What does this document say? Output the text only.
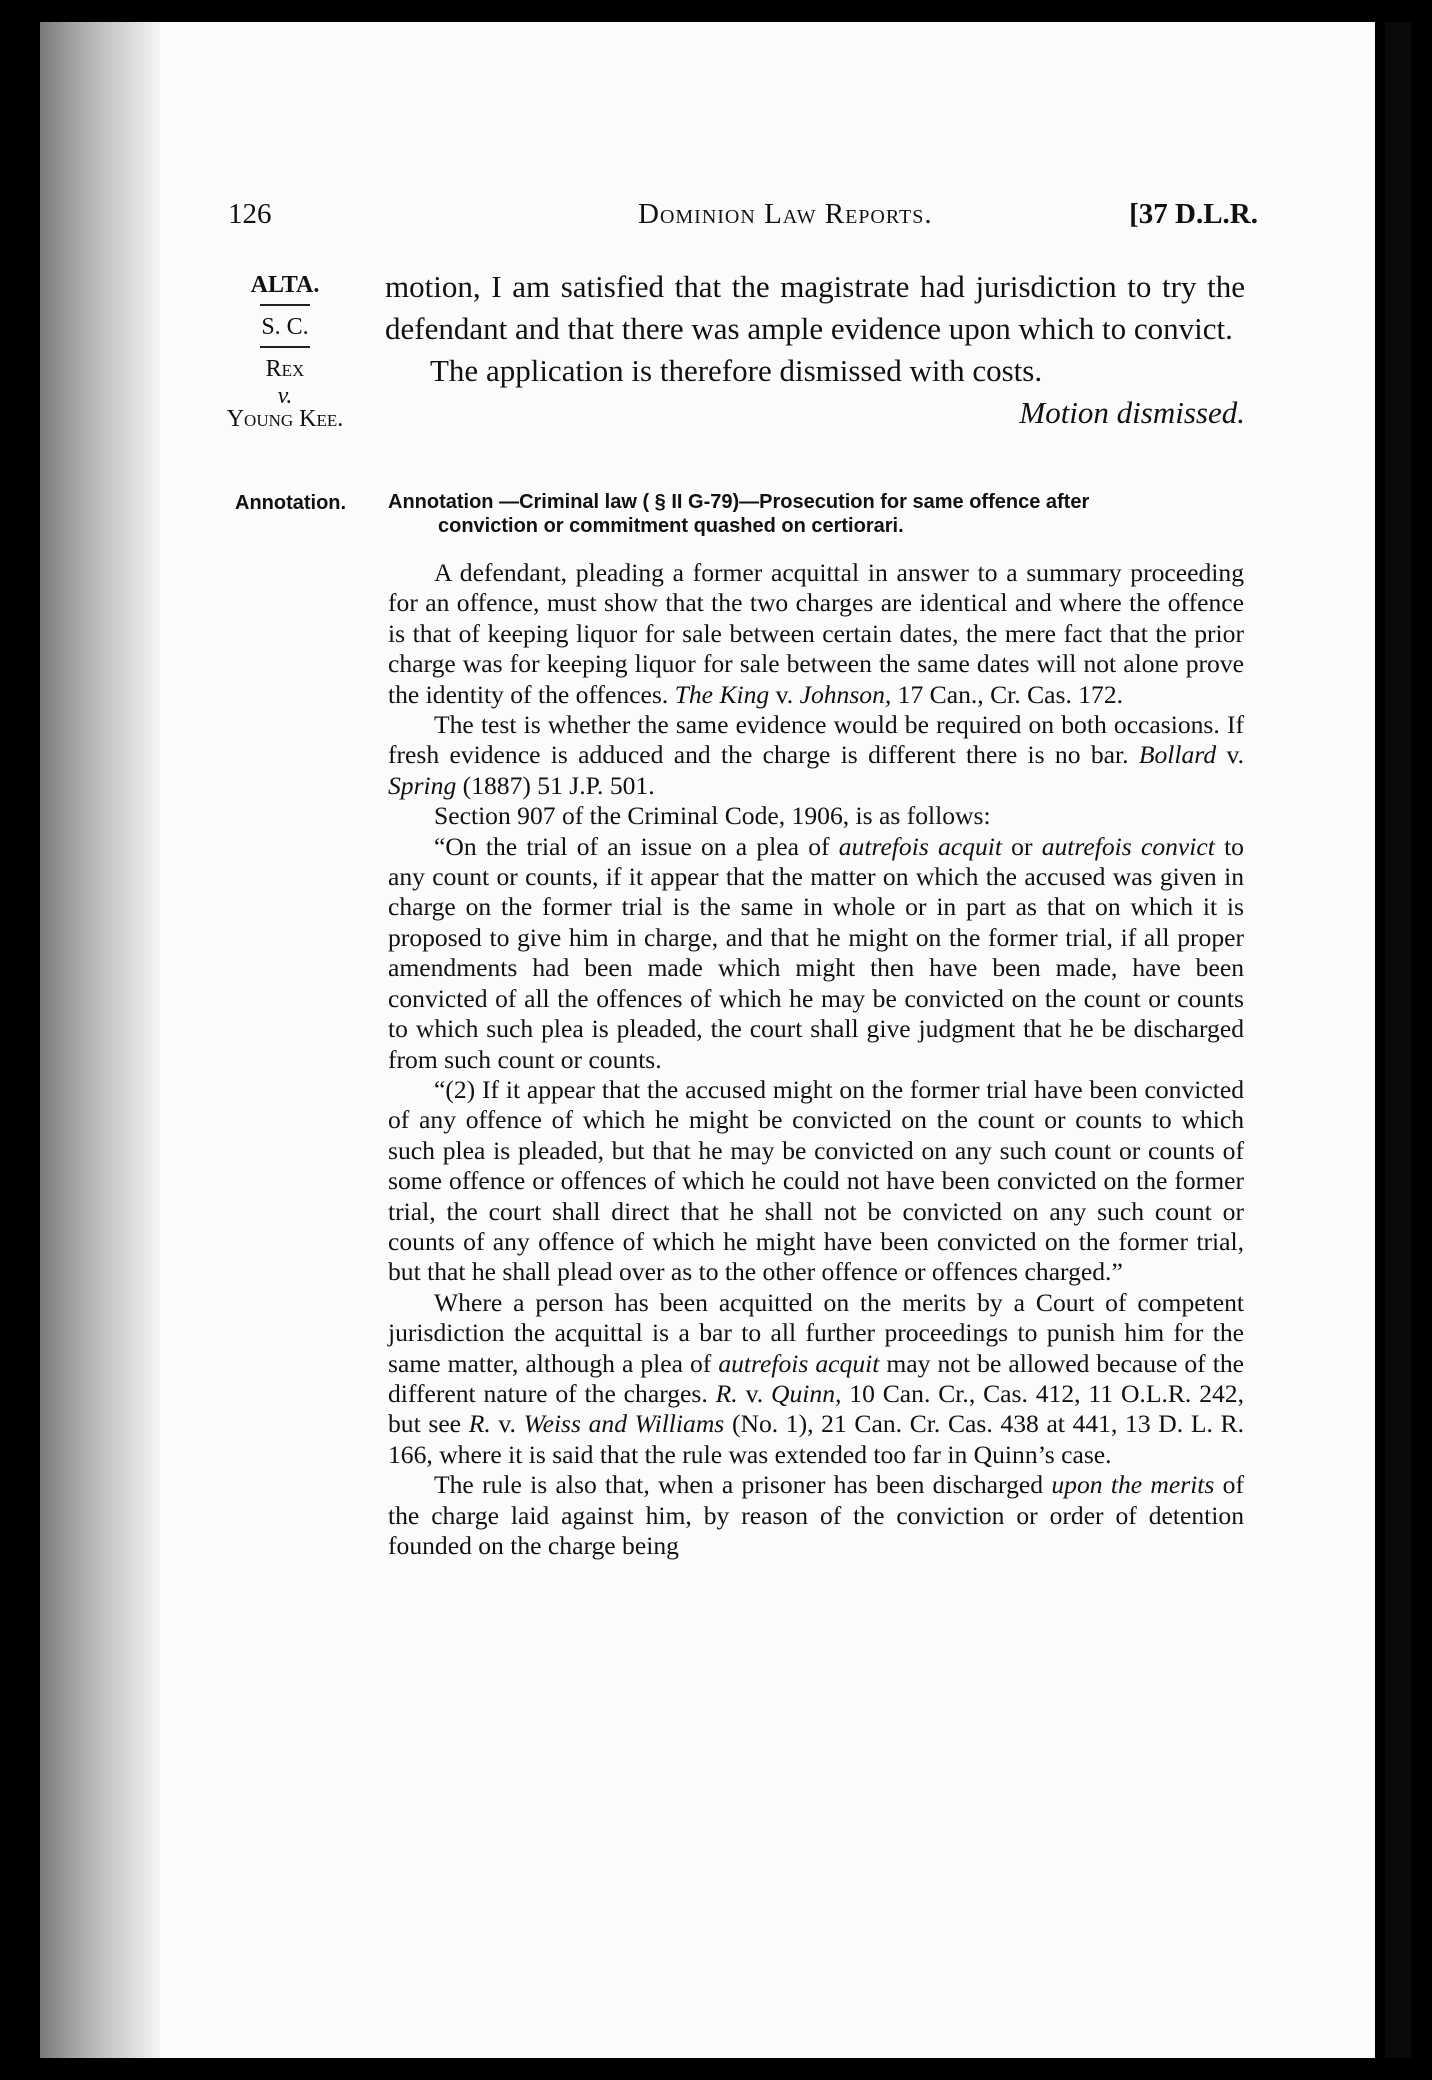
126	Dominion Law Reports.	[37 D.L.R.
ALTA.
S. C.
Rex
v.
Young Kee.

motion, I am satisfied that the magistrate had jurisdiction to try the defendant and that there was ample evidence upon which to convict.

The application is therefore dismissed with costs.

Motion dismissed.

Annotation. Annotation —Criminal law ( § II G-79)—Prosecution for same offence after
conviction or commitment quashed on certiorari.

A defendant, pleading a former acquittal in answer to a summary proceeding for an offence, must show that the two charges are identical and where the offence is that of keeping liquor for sale between certain dates, the mere fact that the prior charge was for keeping liquor for sale between the same dates will not alone prove the identity of the offences. The King v. Johnson, 17 Can., Cr. Cas. 172.

The test is whether the same evidence would be required on both occasions. If fresh evidence is adduced and the charge is different there is no bar. Bollard v. Spring (1887) 51 J.P. 501.

Section 907 of the Criminal Code, 1906, is as follows:

“On the trial of an issue on a plea of autrefois acquit or autrefois convict to any count or counts, if it appear that the matter on which the accused was given in charge on the former trial is the same in whole or in part as that on which it is proposed to give him in charge, and that he might on the former trial, if all proper amendments had been made which might then have been made, have been convicted of all the offences of which he may be convicted on the count or counts to which such plea is pleaded, the court shall give judgment that he be discharged from such count or counts.

“(2) If it appear that the accused might on the former trial have been convicted of any offence of which he might be convicted on the count or counts to which such plea is pleaded, but that he may be convicted on any such count or counts of some offence or offences of which he could not have been convicted on the former trial, the court shall direct that he shall not be convicted on any such count or counts of any offence of which he might have been convicted on the former trial, but that he shall plead over as to the other offence or offences charged.”

Where a person has been acquitted on the merits by a Court of competent jurisdiction the acquittal is a bar to all further proceedings to punish him for the same matter, although a plea of autrefois acquit may not be allowed because of the different nature of the charges. R. v. Quinn, 10 Can. Cr., Cas. 412, 11 O.L.R. 242, but see R. v. Weiss and Williams (No. 1), 21 Can. Cr. Cas. 438 at 441, 13 D. L. R. 166, where it is said that the rule was extended too far in Quinn’s case.

The rule is also that, when a prisoner has been discharged upon the merits of the charge laid against him, by reason of the conviction or order of detention founded on the charge being
